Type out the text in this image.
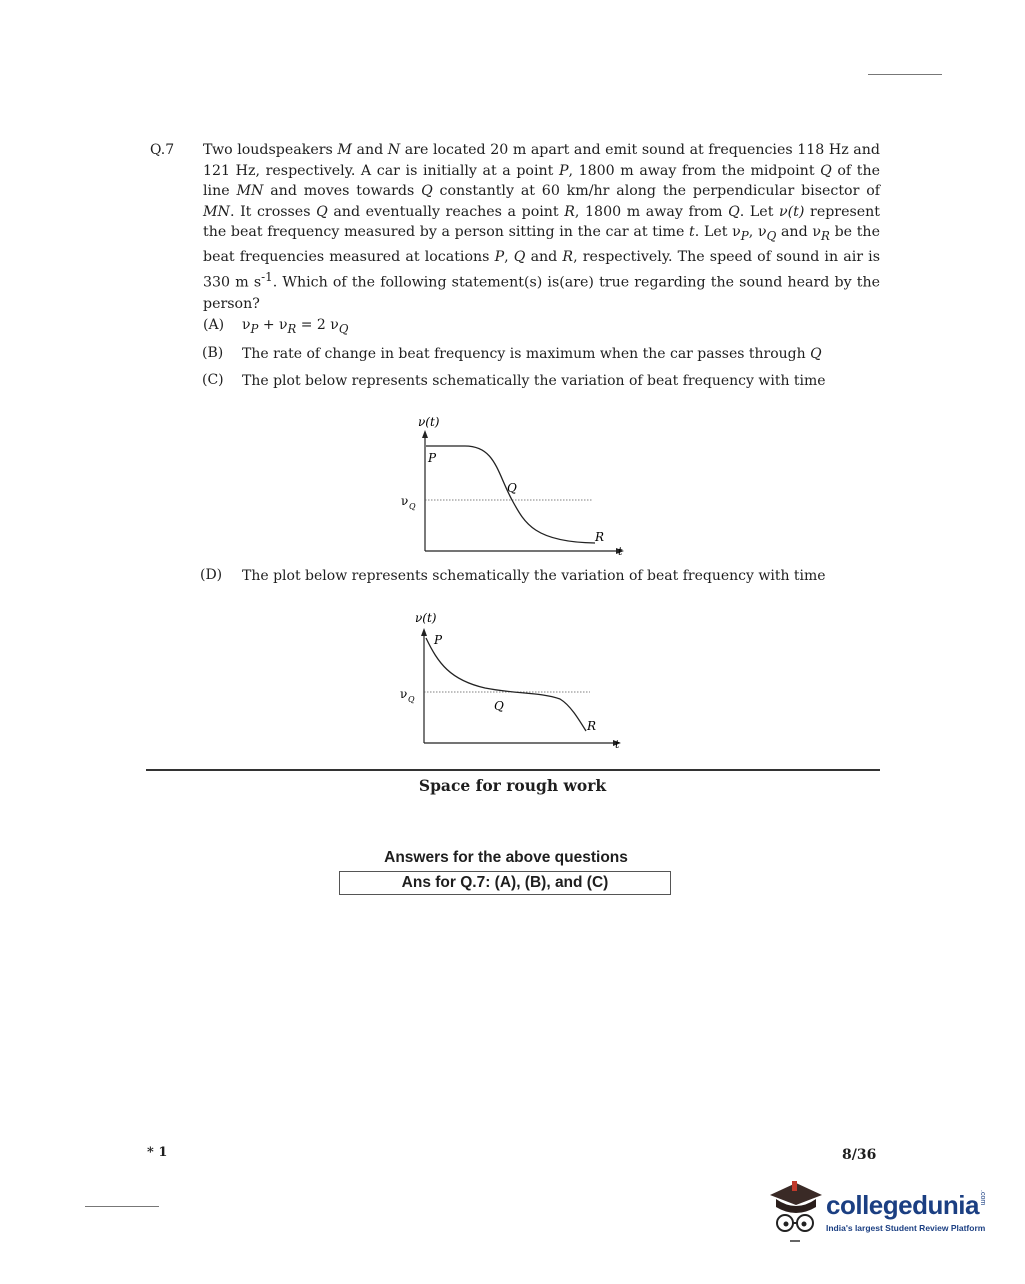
Q.7 Two loudspeakers M and N are located 20 m apart and emit sound at frequencies 118 Hz and 121 Hz, respectively. A car is initially at a point P, 1800 m away from the midpoint Q of the line MN and moves towards Q constantly at 60 km/hr along the perpendicular bisector of MN. It crosses Q and eventually reaches a point R, 1800 m away from Q. Let ν(t) represent the beat frequency measured by a person sitting in the car at time t. Let $\nu_P$, $\nu_Q$ and $\nu_R$ be the beat frequencies measured at locations P, Q and R, respectively. The speed of sound in air is 330 m $s^{-1}$. Which of the following statement(s) is(are) true regarding the sound heard by the person?
(A) $\nu_P + \nu_R = 2$ $\nu_Q$
(B) The rate of change in beat frequency is maximum when the car passes through Q
(C) The plot below represents schematically the variation of beat frequency with time
ν(t)
P
Q
R
t
ν Q
(D) The plot below represents schematically the variation of beat frequency with time
ν(t)
P
Q
R
t
ν Q
Space for rough work
Answers for the above questions
Ans for Q.7: (A), (B), and (C)
* 1	8/36
collegedunia.com
India's largest Student Review Platform
